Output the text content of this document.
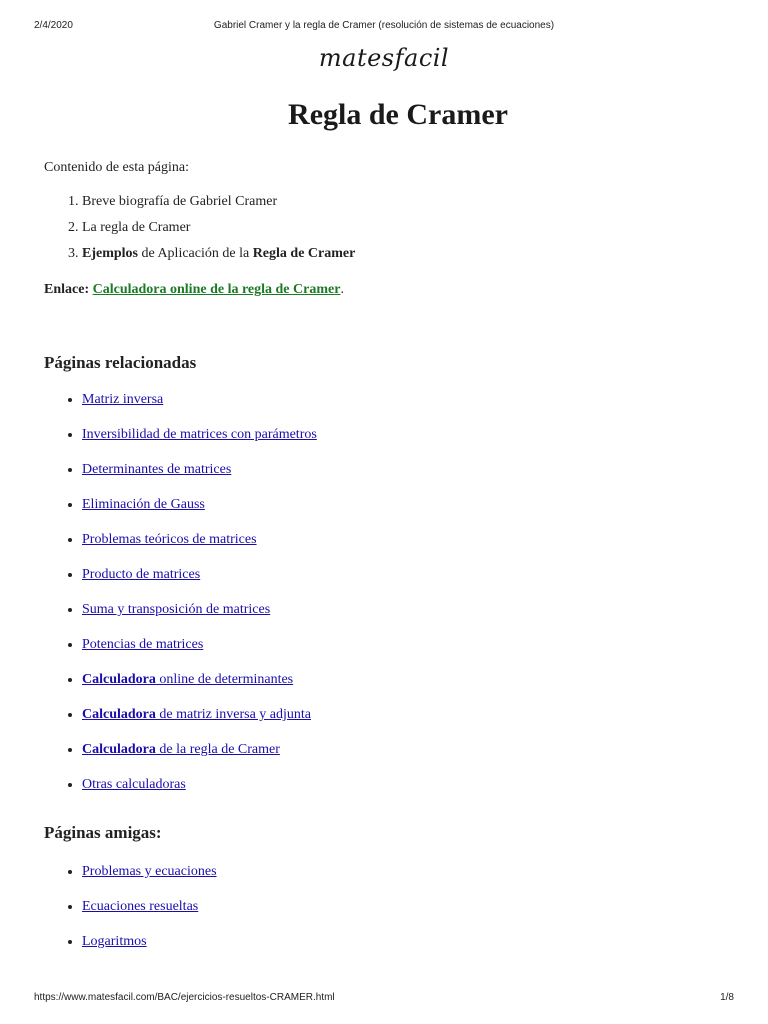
2/4/2020	Gabriel Cramer y la regla de Cramer (resolución de sistemas de ecuaciones)
matesfacil
Regla de Cramer

Contenido de esta página:

1. Breve biografía de Gabriel Cramer
2. La regla de Cramer
3. Ejemplos de Aplicación de la Regla de Cramer

Enlace: Calculadora online de la regla de Cramer.

Páginas relacionadas
• Matriz inversa
• Inversibilidad de matrices con parámetros
• Determinantes de matrices
• Eliminación de Gauss
• Problemas teóricos de matrices
• Producto de matrices
• Suma y transposición de matrices
• Potencias de matrices
• Calculadora online de determinantes
• Calculadora de matriz inversa y adjunta
• Calculadora de la regla de Cramer
• Otras calculadoras
Páginas amigas:
• Problemas y ecuaciones
• Ecuaciones resueltas
• Logaritmos
https://www.matesfacil.com/BAC/ejercicios-resueltos-CRAMER.html	1/8
